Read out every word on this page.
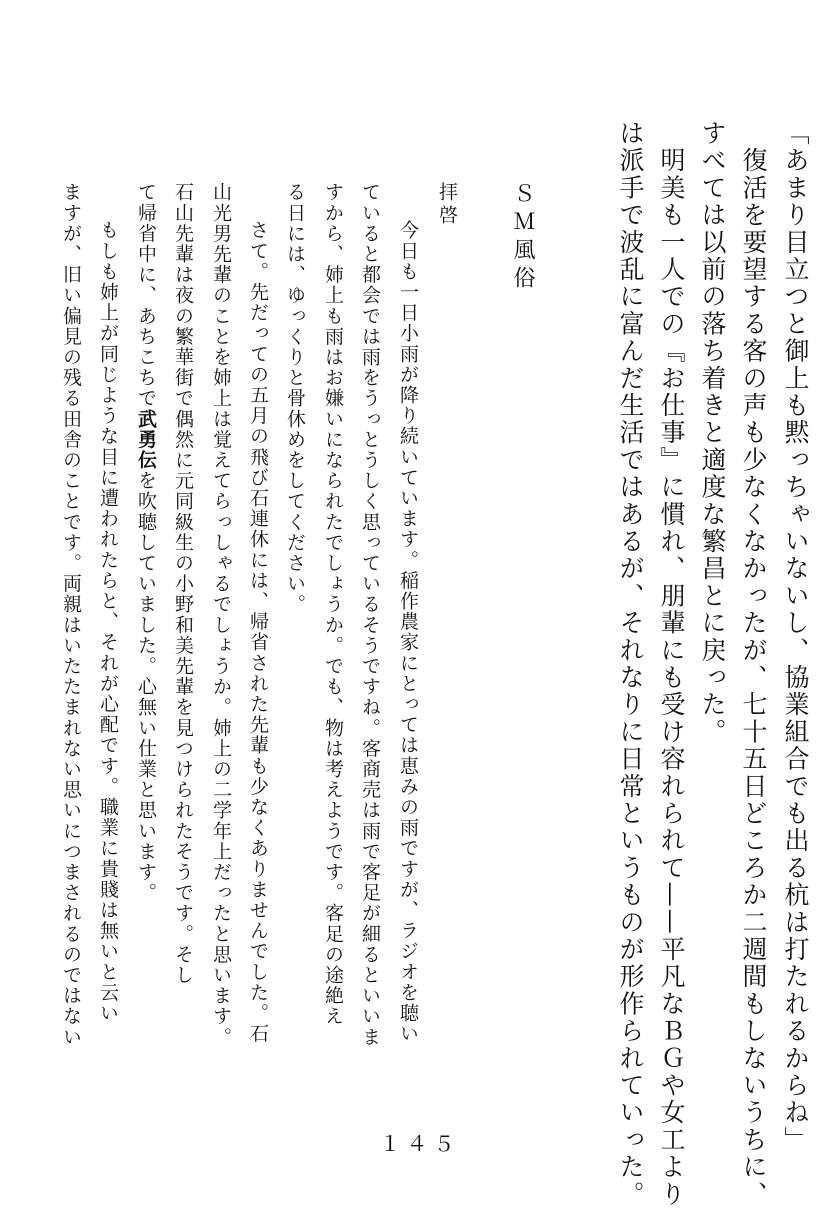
「あまり目立つと御上も黙っちゃいないし、協業組合でも出る杭は打たれるからね」

　復活を要望する客の声も少なくなかったが、七十五日どころか二週間もしないうちに、

すべては以前の落ち着きと適度な繁昌とに戻った。

　明美も一人での『お仕事』に慣れ、朋輩にも受け容れられて——平凡なＢＧや女工より

は派手で波乱に富んだ生活ではあるが、それなりに日常というものが形作られていった。

ＳＭ風俗

拝啓

今日も一日小雨が降り続いています。稲作農家にとっては恵みの雨ですが、ラジオを聴い

ていると都会では雨をうっとうしく思っているそうですね。客商売は雨で客足が細るといいま

すから、姉上も雨はお嫌いになられたでしょうか。でも、物は考えようです。客足の途絶え

る日には、ゆっくりと骨休めをしてください。

さて。先だっての五月の飛び石連休には、帰省された先輩も少なくありませんでした。石

山光男先輩のことを姉上は覚えてらっしゃるでしょうか。姉上の二学年上だったと思います。

石山先輩は夜の繁華街で偶然に元同級生の小野和美先輩を見つけられたそうです。そし

て帰省中に、あちこちで武勇伝を吹聴していました。心無い仕業と思います。

もしも姉上が同じような目に遭われたらと、それが心配です。職業に貴賤は無いと云い

ますが、旧い偏見の残る田舎のことです。両親はいたたまれない思いにつまされるのではない

１４５
